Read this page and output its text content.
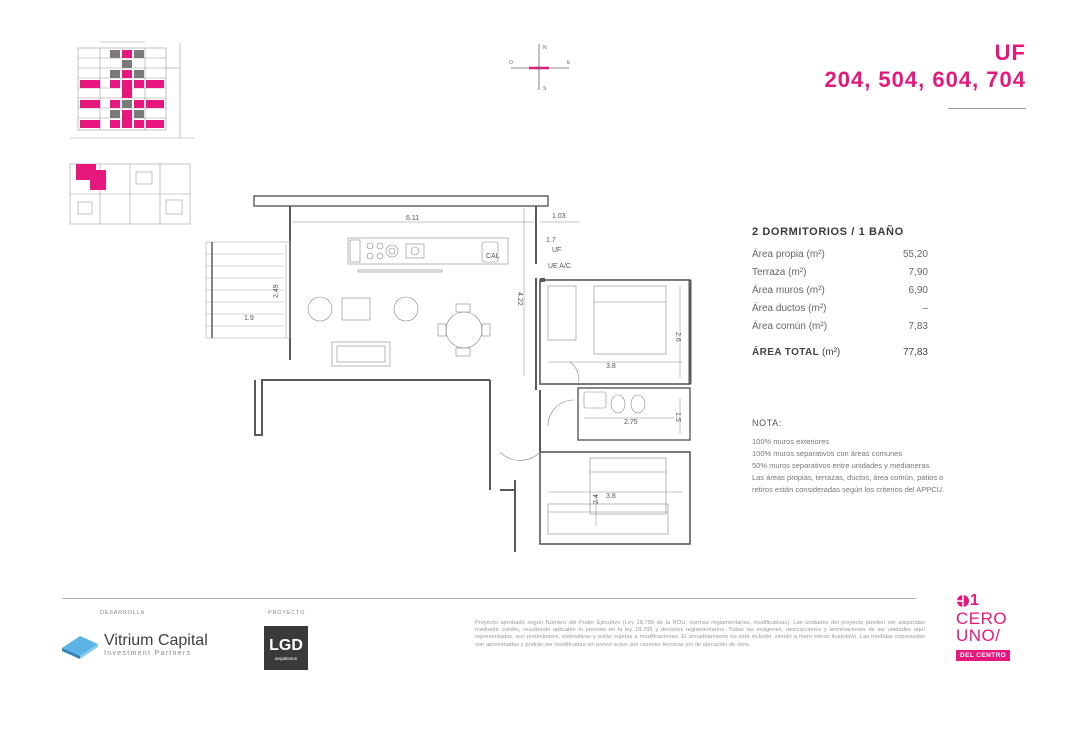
N
S
E
O	UF
204, 504, 604, 704
6.11	1.03
1.7
UF
UE A/C
CAL
2.49
1.9
4.22
2.6
3.8
2.75
1.5
2.4 3.8
2 DORMITORIOS / 1 BAÑO
Área propia (m²)	55,20
Terraza (m²)	7,90
Área muros (m²)	6,90
Área ductos (m²)	–
Área común (m²)	7,83
ÁREA TOTAL (m²)	77,83
NOTA:
100% muros exteriores
100% muros separativos con áreas comunes
50% muros separativos entre unidades y medianeras.
Las áreas propias, terrazas, ductos, área común, patios o
retiros están consideradas según los criterios del APPCU.
DESARROLLA	PROYECTO
Vitrium Capital
Investment Partners	LGD
arquitectos
Proyecto aprobado según Número del Poder Ejecutivo (Ley 18.795 de la ROU, normas reglamentarias, modificativas). Las unidades del proyecto pueden ser adquiridas mediante crédito, resultando aplicable lo previsto en la ley 18.795 y decretos reglamentarios. Todas las imágenes, descripciones y terminaciones de las unidades aquí representadas, son preliminares, estimativas y están sujetas a modificaciones. El amueblamiento no está incluido, siendo a mero efecto ilustrativo. Las medidas expresadas son aproximadas y podrán ser modificadas sin previo aviso, por razones técnicas y/o de ejecución de obra.
1
CERO
UNO/
DEL CENTRO
